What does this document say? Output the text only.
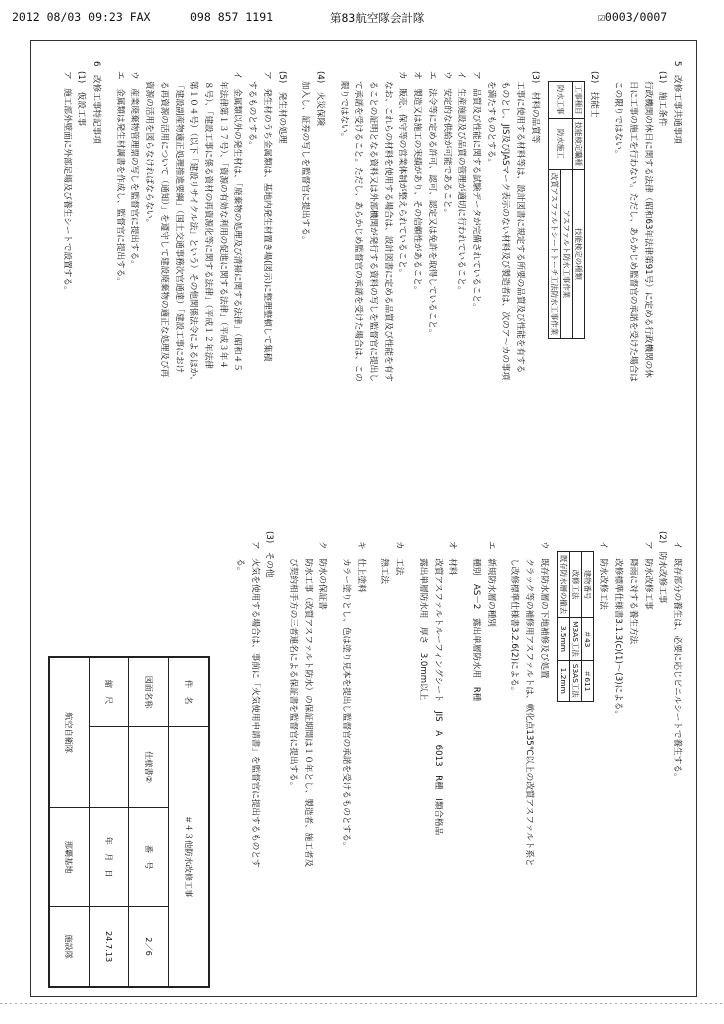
2012 08/03 09:23 FAX	098 857 1191	第83航空隊会計隊	☑0003/0007

5　改修工事共通事項

(1)　施工条件

行政機関の休日に関する法律（昭和63年法律第91号）に定める行政機関の休

日に工事の施工を行わない。ただし、あらかじめ監督官の承諾を受けた場合は

この限りではない。

(2)　技能士

工事種目	技能検定職種	技能検定の種類
防水工事	防水施工	アスファルト防水工事作業
		改質アスファルトシートトーチ工法防水工事作業

(3)　材料の品質等

工事に使用する材料等は、設計図書に規定する所要の品質及び性能を有する

ものとし、JIS及びJASマーク表示のない材料及び製造者は、次のア～カの事項

を満たすものとする。

ア　品質及び性能に関する試験データが完備されていること。

イ　生産施設及び品質の管理が適切に行われていること。

ウ　安定的な供給が可能であること。

エ　法令等に定める許可、認可、認定又は免許を取得していること。

オ　製造又は施工の実績があり、その信頼性があること。

カ　販売、保守等の営業体制が整えられていること。

なお、これらの材料を使用する場合は、設計図書に定める品質及び性能を有す

ることの証明となる資料又は外部機関が発行する資料の写しを監督官に提出し

て承諾を受けること。ただし、あらかじめ監督官の承諾を受けた場合は、この

限りではない。

(4)　火災保険

加入し、証券の写しを監督官に提出する。

(5)　発生材の処理

ア　発生材のうち金属類は、基地内発生材置き場(図示)に整理整頓して集積

するものとする。

イ　金属類以外の発生材は、「廃棄物の処理及び清掃に関する法律」（昭和４５

年法律第１３７号）、「資源の有効な利用の促進に関する法律」（平成３年４

８号）、「建設工事に係る資材の再資源化等に関する法律」（平成１２年法律

第１０４号）（以下「建設リサイクル法」という）その他関係法令によるほか、

「建設副産物適正処理推進要綱」（国土交通事務次官通達）「建設工事におけ

る再資源の活用について（通知）」を遵守して建設廃棄物の適正な処理及び再

資源の活用を図らなければならない。

ウ　産業廃棄物管理票の写しを監督官に提出する。

エ　金属類は発生材調書を作成し、監督官に提出する。

6　改修工事特記事項

(1)　仮設工事

ア　施工部外壁面に外部足場及び養生シートで設置する。

イ　既存部分の養生は、必要に応じビニルシートで養生する。

(2)　防水改修工事

ア　防水改修工事

　　降雨に対する養生方法

　　改修標準仕様書3.1.3(c)(1)～(3)による。

イ　防水改修工法

建物番号	＃43	＃611
改修工法	M3AS工法	S3AS工法
既存防水層の撤去	3.5mm	1.2mm

ウ　既存防水層の下地補修及び処置

　　クラック等の補修用アスファルトは、軟化点135℃以上の改質アスファルト系と

　　し改修標準仕様書3.2.6(2)による。

エ　新規防水層の種別

　　種別　AS－2　露出単層防水用　R種

オ　材料

　　改質アスファルトルーフィングシート　JIS　A　6013　R種　I類合格品

　　露出単層防水用　厚さ　3.0mm以上

カ　工法

　　熱工法

キ　仕上塗料

　　カラー塗りとし、色は塗り見本を提出し監督官の承諾を受けるものとする。

ク　防水の保証書

　　防水工事（改質アスファルト防水）の保証期間は１０年とし、製造者、施工者及

　　び契約相手方の三者連名による保証書を監督官に提出する。

(3)　その他

ア　火気を使用する場合は、事前に「火気使用申請書」を監督官に提出するものとす

　　る。

件　名	＃４３他防水改修工事		
図面名称	仕様書②	番　号	2／6
縮　尺		年　月　日	24.7.13
航空自衛隊		那覇基地	施設隊
